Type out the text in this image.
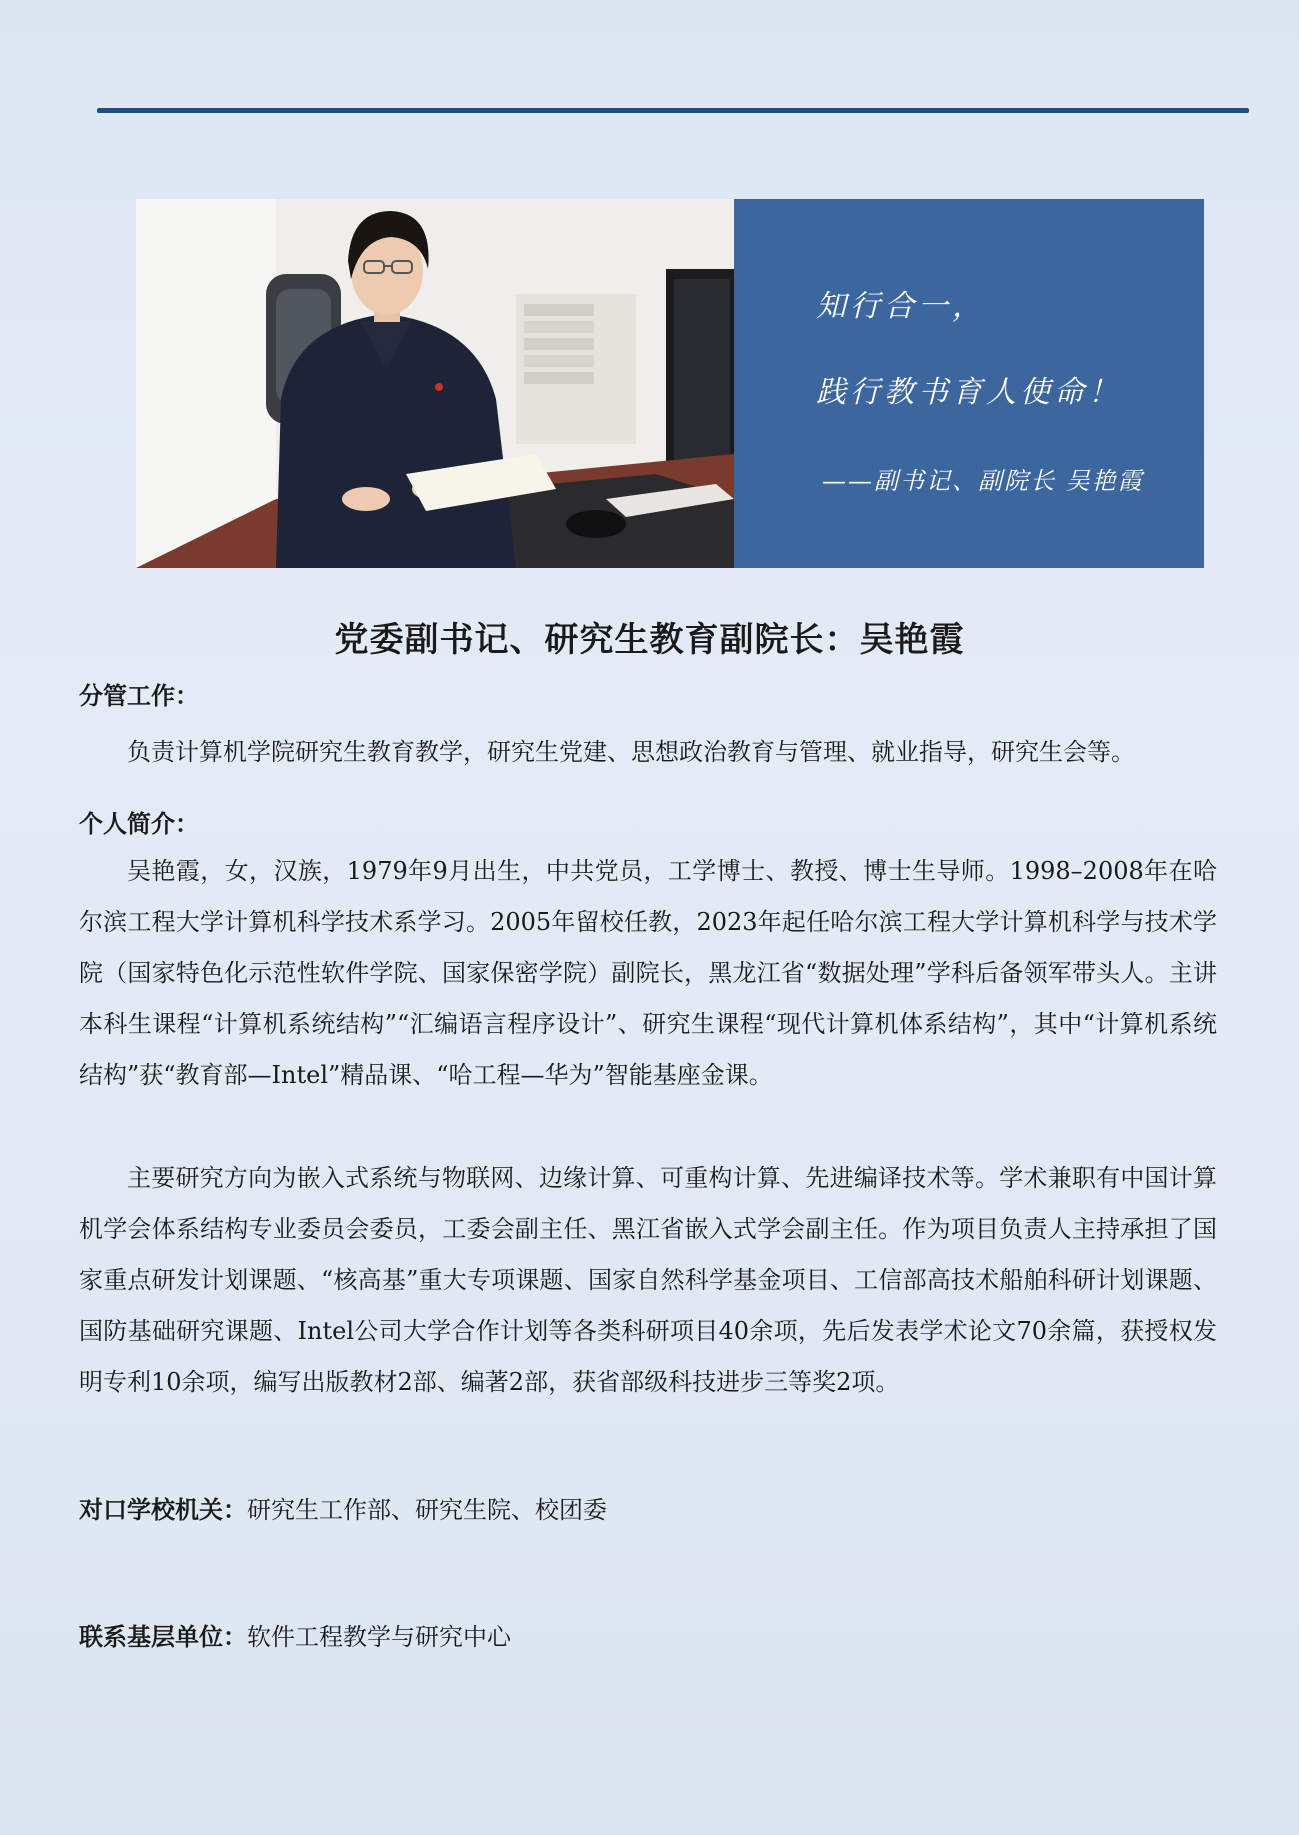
知行合一，
践行教书育人使命！
——副书记、副院长 吴艳霞
党委副书记、研究生教育副院长：吴艳霞
分管工作：
负责计算机学院研究生教育教学，研究生党建、思想政治教育与管理、就业指导，研究生会等。
个人简介：
吴艳霞，女，汉族，1979年9月出生，中共党员，工学博士、教授、博士生导师。1998–2008年在哈尔滨工程大学计算机科学技术系学习。2005年留校任教，2023年起任哈尔滨工程大学计算机科学与技术学院（国家特色化示范性软件学院、国家保密学院）副院长，黑龙江省“数据处理”学科后备领军带头人。主讲本科生课程“计算机系统结构”“汇编语言程序设计”、研究生课程“现代计算机体系结构”，其中“计算机系统结构”获“教育部—Intel”精品课、“哈工程—华为”智能基座金课。
主要研究方向为嵌入式系统与物联网、边缘计算、可重构计算、先进编译技术等。学术兼职有中国计算机学会体系结构专业委员会委员，工委会副主任、黑江省嵌入式学会副主任。作为项目负责人主持承担了国家重点研发计划课题、“核高基”重大专项课题、国家自然科学基金项目、工信部高技术船舶科研计划课题、国防基础研究课题、Intel公司大学合作计划等各类科研项目40余项，先后发表学术论文70余篇，获授权发明专利10余项，编写出版教材2部、编著2部，获省部级科技进步三等奖2项。
对口学校机关：研究生工作部、研究生院、校团委
联系基层单位：软件工程教学与研究中心
